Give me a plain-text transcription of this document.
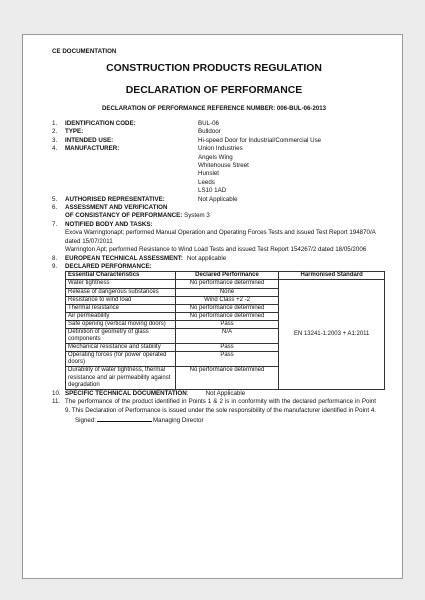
CE DOCUMENTATION
CONSTRUCTION PRODUCTS REGULATION
DECLARATION OF PERFORMANCE
DECLARATION OF PERFORMANCE REFERENCE NUMBER: 006-BUL-06-2013
1.	IDENTIFICATION CODE:	BUL-06
2.	TYPE:	Bulldoor
3.	INTENDED USE:	Hi-speed Door for Industrial/Commercial Use
4.	MANUFACTURER:	Union Industries
Angels Wing
Whitehouse Street
Hunslet
Leeds
LS10 1AD
5.	AUTHORISED REPRESENTATIVE:	Not Applicable
6.	ASSESSMENT AND VERIFICATION
OF CONSISTANCY OF PERFORMANCE: System 3
7.	NOTIFIED BODY AND TASKS:
Exova Warringtonapt; performed Manual Operation and Operating Forces Tests and issued Test Report 194870/A dated 15/07/2011
Warrington Apt; performed Resistance to Wind Load Tests and issued Test Report 154267/2 dated 18/05/2006
8.	EUROPEAN TECHNICAL ASSESSMENT: Not applicable
9.	DECLARED PERFORMANCE:
Essential Characteristics	Declared Performance	Harmonised Standard
Water tightness	No performance determined	EN 13241-1:2003 + A1:2011
Release of dangerous substances	None	
Resistance to wind load	Wind Class +2 -2	
Thermal resistance	No performance determined	
Air permeability	No performance determined	
Safe opening (vertical moving doors)	Pass	
Definition of geometry of glass components	N/A	
Mechanical resistance and stability	Pass	
Operating forces (for power operated doors)	Pass	
Durability of water tightness, thermal resistance and air permeability against degradation	No performance determined	
10. SPECIFIC TECHNICAL DOCUMENTATION :          Not Applicable
11. The performance of the product identified in Points 1 & 2 is in conformity with the declared performance in Point 9. This Declaration of Performance is issued under the sole responsibility of the manufacturer identified in Point 4. Signed:	Managing Director
